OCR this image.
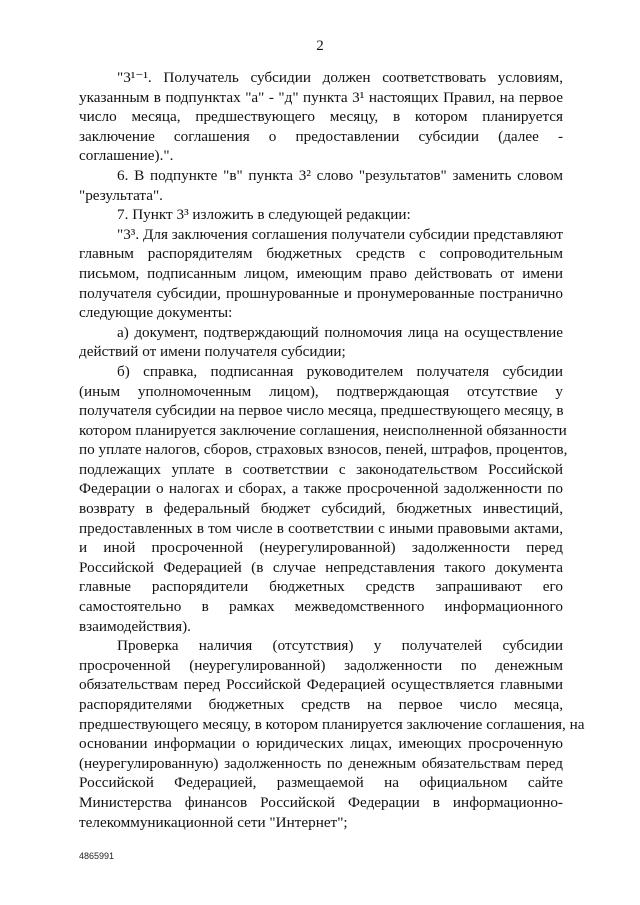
2
"3¹⁻¹. Получатель субсидии должен соответствовать условиям,
указанным в подпунктах "а" - "д" пункта 3¹ настоящих Правил, на первое
число месяца, предшествующего месяцу, в котором планируется
заключение соглашения о предоставлении субсидии (далее -
соглашение).".
6. В подпункте "в" пункта 3² слово "результатов" заменить словом
"результата".
7. Пункт 3³ изложить в следующей редакции:
"3³. Для заключения соглашения получатели субсидии представляют
главным распорядителям бюджетных средств с сопроводительным
письмом, подписанным лицом, имеющим право действовать от имени
получателя субсидии, прошнурованные и пронумерованные постранично
следующие документы:
а) документ, подтверждающий полномочия лица на осуществление
действий от имени получателя субсидии;
б) справка, подписанная руководителем получателя субсидии
(иным уполномоченным лицом), подтверждающая отсутствие у
получателя субсидии на первое число месяца, предшествующего месяцу, в
котором планируется заключение соглашения, неисполненной обязанности
по уплате налогов, сборов, страховых взносов, пеней, штрафов, процентов,
подлежащих уплате в соответствии с законодательством Российской
Федерации о налогах и сборах, а также просроченной задолженности по
возврату в федеральный бюджет субсидий, бюджетных инвестиций,
предоставленных в том числе в соответствии с иными правовыми актами,
и иной просроченной (неурегулированной) задолженности перед
Российской Федерацией (в случае непредставления такого документа
главные распорядители бюджетных средств запрашивают его
самостоятельно в рамках межведомственного информационного
взаимодействия).
Проверка наличия (отсутствия) у получателей субсидии
просроченной (неурегулированной) задолженности по денежным
обязательствам перед Российской Федерацией осуществляется главными
распорядителями бюджетных средств на первое число месяца,
предшествующего месяцу, в котором планируется заключение соглашения, на
основании информации о юридических лицах, имеющих просроченную
(неурегулированную) задолженность по денежным обязательствам перед
Российской Федерацией, размещаемой на официальном сайте
Министерства финансов Российской Федерации в информационно-
телекоммуникационной сети "Интернет";
4865991
